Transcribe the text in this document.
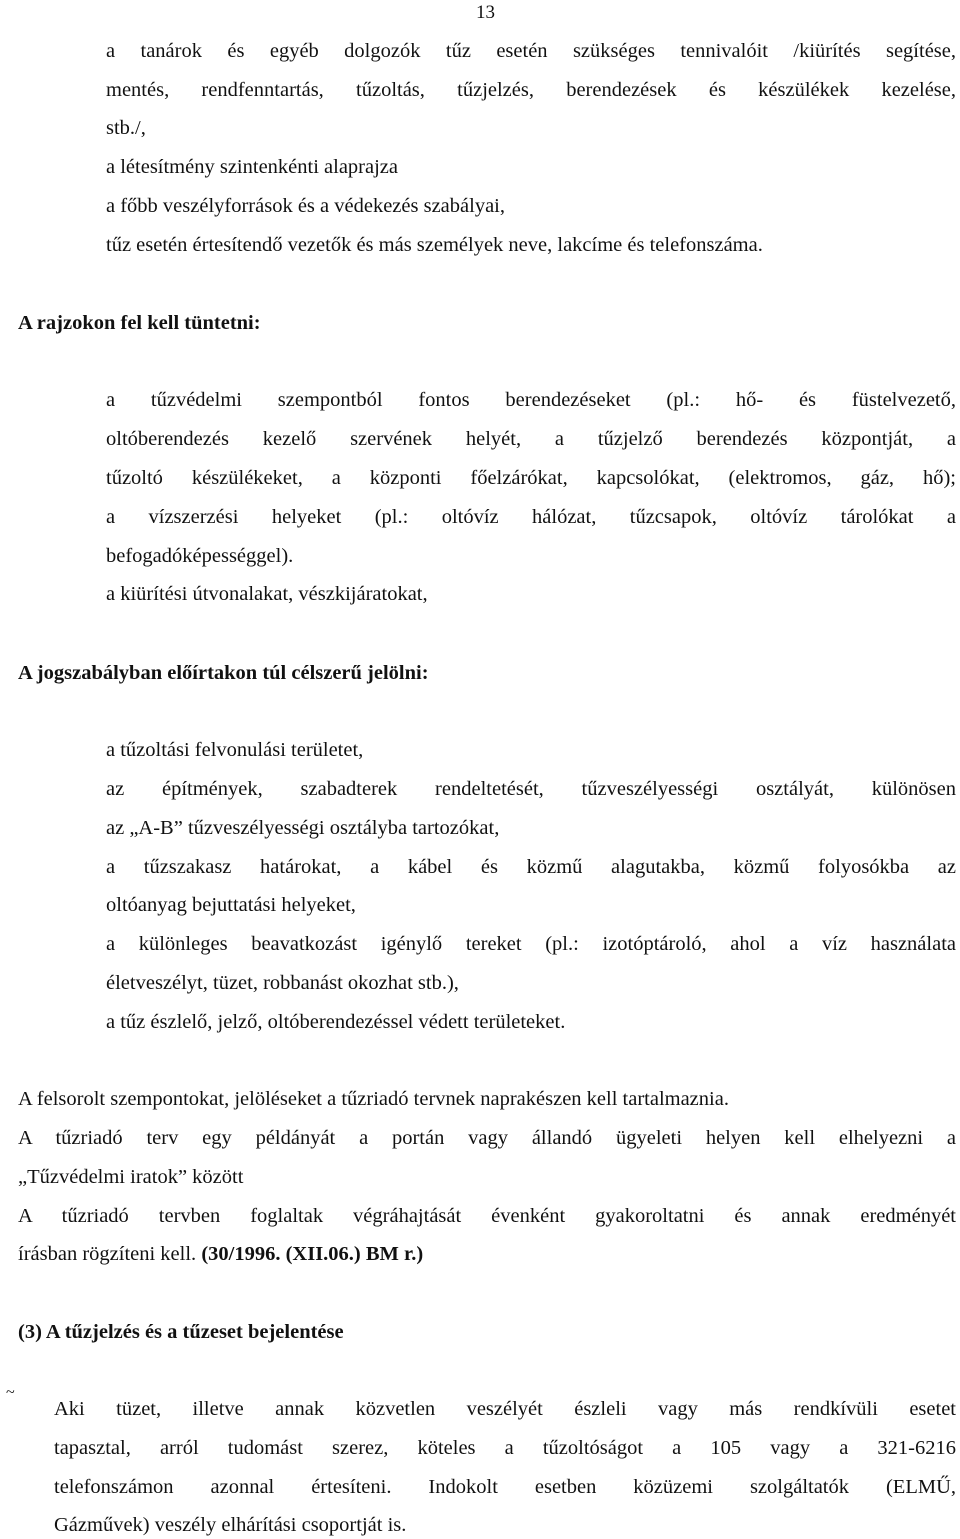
13
a tanárok és egyéb dolgozók tűz esetén szükséges tennivalóit /kiürítés segítése,
mentés, rendfenntartás, tűzoltás, tűzjelzés, berendezések és készülékek kezelése,
stb./,
a létesítmény szintenkénti alaprajza
a főbb veszélyforrások és a védekezés szabályai,
tűz esetén értesítendő vezetők és más személyek neve, lakcíme és telefonszáma.
A rajzokon fel kell tüntetni:
a tűzvédelmi szempontból fontos berendezéseket (pl.: hő- és füstelvezető,
oltóberendezés kezelő szervének helyét, a tűzjelző berendezés központját, a
tűzoltó készülékeket, a központi főelzárókat, kapcsolókat, (elektromos, gáz, hő);
a vízszerzési helyeket (pl.: oltóvíz hálózat, tűzcsapok, oltóvíz tárolókat a
befogadóképességgel).
a kiürítési útvonalakat, vészkijáratokat,
A jogszabályban előírtakon túl célszerű jelölni:
a tűzoltási felvonulási területet,
az építmények, szabadterek rendeltetését, tűzveszélyességi osztályát, különösen
az „A-B” tűzveszélyességi osztályba tartozókat,
a tűzszakasz határokat, a kábel és közmű alagutakba, közmű folyosókba az
oltóanyag bejuttatási helyeket,
a különleges beavatkozást igénylő tereket (pl.: izotóptároló, ahol a víz használata
életveszélyt, tüzet, robbanást okozhat stb.),
a tűz észlelő, jelző, oltóberendezéssel védett területeket.
A felsorolt szempontokat, jelöléseket a tűzriadó tervnek naprakészen kell tartalmaznia.
A tűzriadó terv egy példányát a portán vagy állandó ügyeleti helyen kell elhelyezni a
„Tűzvédelmi iratok” között
A tűzriadó tervben foglaltak végráhajtását évenként gyakoroltatni és annak eredményét
írásban rögzíteni kell. (30/1996. (XII.06.) BM r.)
(3) A tűzjelzés és a tűzeset bejelentése
~
Aki tüzet, illetve annak közvetlen veszélyét észleli vagy más rendkívüli esetet
tapasztal, arról tudomást szerez, köteles a tűzoltóságot a 105 vagy a 321-6216
telefonszámon azonnal értesíteni. Indokolt esetben közüzemi szolgáltatók (ELMŰ,
Gázművek) veszély elhárítási csoportját is.
